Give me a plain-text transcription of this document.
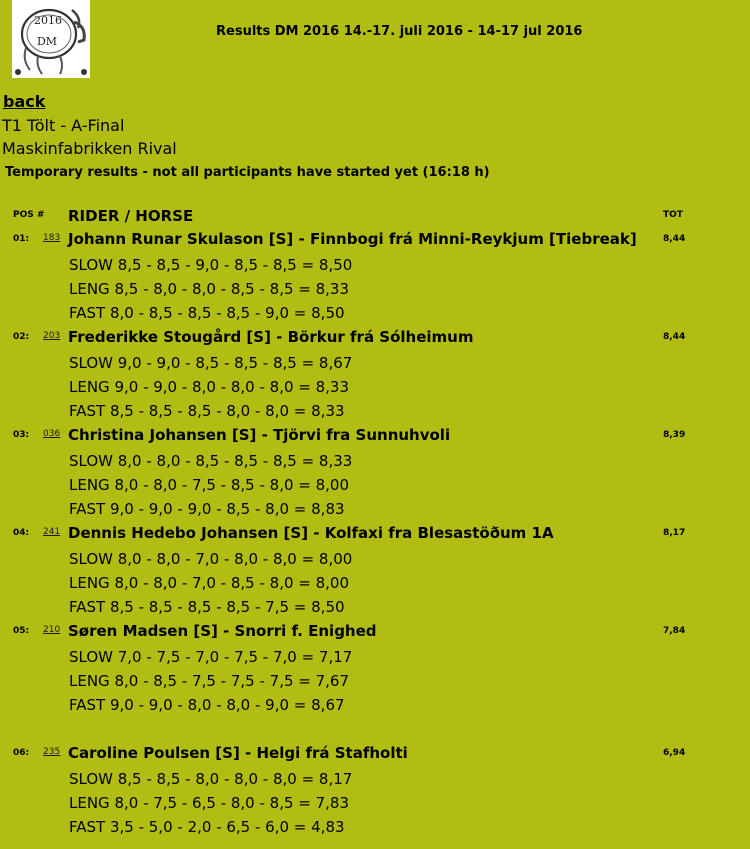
2016
DM
Results DM 2016 14.-17. juli 2016 - 14-17 jul 2016
back
T1 Tölt - A-Final
Maskinfabrikken Rival
Temporary results - not all participants have started yet (16:18 h)
POS # RIDER / HORSE	TOT
01: 183 Johann Runar Skulason [S] - Finnbogi frá Minni-Reykjum [Tiebreak]	8,44
SLOW 8,5 - 8,5 - 9,0 - 8,5 - 8,5 = 8,50
LENG 8,5 - 8,0 - 8,0 - 8,5 - 8,5 = 8,33
FAST 8,0 - 8,5 - 8,5 - 8,5 - 9,0 = 8,50
02: 203 Frederikke Stougård [S] - Börkur frá Sólheimum	8,44
SLOW 9,0 - 9,0 - 8,5 - 8,5 - 8,5 = 8,67
LENG 9,0 - 9,0 - 8,0 - 8,0 - 8,0 = 8,33
FAST 8,5 - 8,5 - 8,5 - 8,0 - 8,0 = 8,33
03: 036 Christina Johansen [S] - Tjörvi fra Sunnuhvoli	8,39
SLOW 8,0 - 8,0 - 8,5 - 8,5 - 8,5 = 8,33
LENG 8,0 - 8,0 - 7,5 - 8,5 - 8,0 = 8,00
FAST 9,0 - 9,0 - 9,0 - 8,5 - 8,0 = 8,83
04: 241 Dennis Hedebo Johansen [S] - Kolfaxi fra Blesastöðum 1A	8,17
SLOW 8,0 - 8,0 - 7,0 - 8,0 - 8,0 = 8,00
LENG 8,0 - 8,0 - 7,0 - 8,5 - 8,0 = 8,00
FAST 8,5 - 8,5 - 8,5 - 8,5 - 7,5 = 8,50
05: 210 Søren Madsen [S] - Snorri f. Enighed	7,84
SLOW 7,0 - 7,5 - 7,0 - 7,5 - 7,0 = 7,17
LENG 8,0 - 8,5 - 7,5 - 7,5 - 7,5 = 7,67
FAST 9,0 - 9,0 - 8,0 - 8,0 - 9,0 = 8,67
06: 235 Caroline Poulsen [S] - Helgi frá Stafholti	6,94
SLOW 8,5 - 8,5 - 8,0 - 8,0 - 8,0 = 8,17
LENG 8,0 - 7,5 - 6,5 - 8,0 - 8,5 = 7,83
FAST 3,5 - 5,0 - 2,0 - 6,5 - 6,0 = 4,83
